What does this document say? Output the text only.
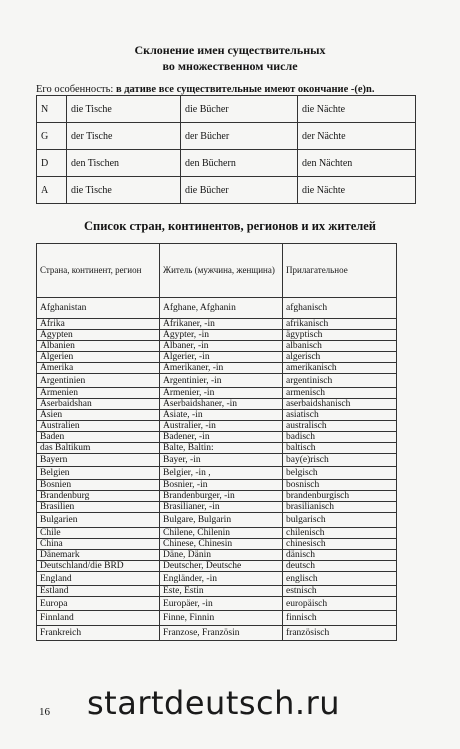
Склонение имен существительных
во множественном числе
Его особенность: в дативе все существительные имеют окончание -(e)n.
N	die Tische	die Bücher	die Nächte
G	der Tische	der Bücher	der Nächte
D	den Tischen	den Büchern	den Nächten
A	die Tische	die Bücher	die Nächte
Список стран, континентов, регионов и их жителей
Страна, континент, регион	Житель (мужчина, женщина)	Прилагательное
Afghanistan	Afghane, Afghanin	afghanisch
Afrika	Afrikaner, -in	afrikanisch
Ägypten	Ägypter, -in	ägyptisch
Albanien	Albaner, -in	albanisch
Algerien	Algerier, -in	algerisch
Amerika	Amerikaner, -in	amerikanisch
Argentinien	Argentinier, -in	argentinisch
Armenien	Armenier, -in	armenisch
Aserbaidshan	Aserbaidshaner, -in	aserbaidshanisch
Asien	Asiate, -in	asiatisch
Australien	Australier, -in	australisch
Baden	Badener, -in	badisch
das Baltikum	Balte, Baltin:	baltisch
Bayern	Bayer, -in	bay(e)risch
Belgien	Belgier, -in ,	belgisch
Bosnien	Bosnier, -in	bosnisch
Brandenburg	Brandenburger, -in	brandenburgisch
Brasilien	Brasilianer, -in	brasilianisch
Bulgarien	Bulgare, Bulgarin	bulgarisch
Chile	Chilene, Chilenin	chilenisch
China	Chinese, Chinesin	chinesisch
Dänemark	Däne, Dänin	dänisch
Deutschland/die BRD	Deutscher, Deutsche	deutsch
England	Engländer, -in	englisch
Estland	Este, Estin	estnisch
Europa	Europäer, -in	europäisch
Finnland	Finne, Finnin	finnisch
Frankreich	Franzose, Französin	französisch
startdeutsch.ru
16
